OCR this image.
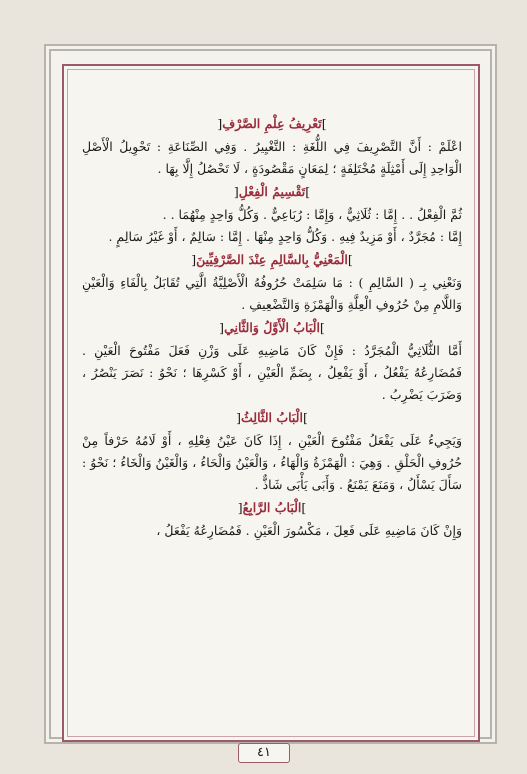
]تَعْرِيفُ عِلْمِ الصَّرْفِ[

اعْلَمْ : أَنَّ التَّصْرِيفَ فِي اللُّغَةِ : التَّغْيِيرُ . وَفِي الصِّنَاعَةِ : تَحْوِيلُ الْأَصْلِ الْوَاحِدِ إِلَى أَمْثِلَةٍ مُخْتَلِفَةٍ ؛ لِمَعَانٍ مَقْصُودَةٍ ، لَا تَحْصُلُ إِلَّا بِهَا .

]تَقْسِيمُ الْفِعْلِ[

ثُمَّ الْفِعْلُ . . إِمَّا : ثُلَاثِيٌّ ، وَإِمَّا : رُبَاعِيٌّ . وَكُلُّ وَاحِدٍ مِنْهُمَا . .

إِمَّا : مُجَرَّدٌ ، أَوْ مَزِيدٌ فِيهِ . وَكُلُّ وَاحِدٍ مِنْهَا . إِمَّا : سَالِمٌ ، أَوْ غَيْرُ سَالِمٍ .

]الْمَعْنِيُّ بِالسَّالِمِ عِنْدَ الصَّرْفِيِّينَ[

وَنَعْنِي بِـ ( السَّالِمِ ) : مَا سَلِمَتْ حُرُوفُهُ الْأَصْلِيَّةُ الَّتِي تُقَابَلُ بِالْفَاءِ وَالْعَيْنِ وَاللَّامِ مِنْ حُرُوفِ الْعِلَّةِ وَالْهَمْزَةِ وَالتَّضْعِيفِ .

]الْبَابُ الْأَوَّلُ وَالثَّانِي[

أَمَّا الثُّلَاثِيُّ الْمُجَرَّدُ : فَإِنْ كَانَ مَاضِيهِ عَلَى وَزْنِ فَعَلَ مَفْتُوحَ الْعَيْنِ . فَمُضَارِعُهُ يَفْعُلُ ، أَوْ يَفْعِلُ ، بِضَمِّ الْعَيْنِ ، أَوْ كَسْرِهَا ؛ نَحْوُ : نَصَرَ يَنْصُرُ ، وَضَرَبَ يَضْرِبُ .

]الْبَابُ الثَّالِثُ[

وَيَجِيءُ عَلَى يَفْعَلُ مَفْتُوحَ الْعَيْنِ ، إِذَا كَانَ عَيْنُ فِعْلِهِ ، أَوْ لَامُهُ حَرْفاً مِنْ حُرُوفِ الْحَلْقِ . وَهِيَ : الْهَمْزَةُ وَالْهَاءُ ، وَالْعَيْنُ وَالْحَاءُ ، وَالْغَيْنُ وَالْخَاءُ ؛ نَحْوُ : سَأَلَ يَسْأَلُ ، وَمَنَعَ يَمْنَعُ . وَأَبَى يَأْبَى شَاذٌّ .

]الْبَابُ الرَّابِعُ[

وَإِنْ كَانَ مَاضِيهِ عَلَى فَعِلَ ، مَكْسُورَ الْعَيْنِ . فَمُضَارِعُهُ يَفْعَلُ ،

٤١
